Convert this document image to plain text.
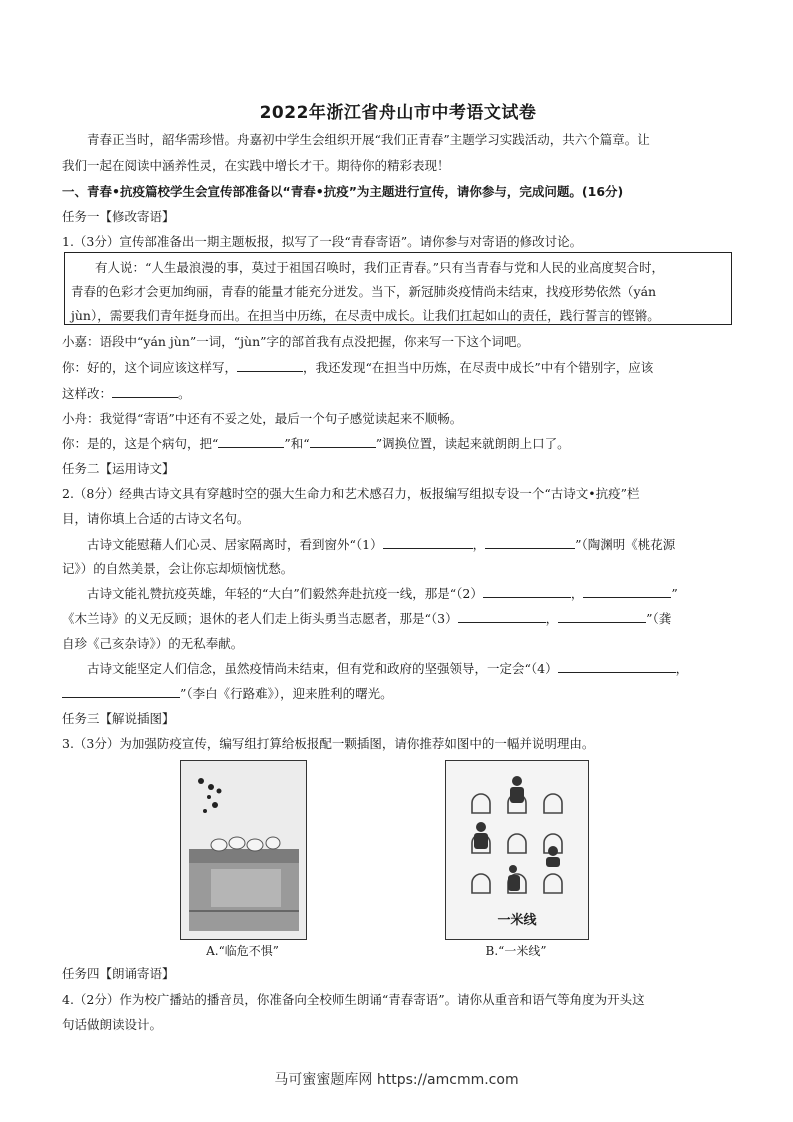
2022年浙江省舟山市中考语文试卷
青春正当时，韶华需珍惜。舟嘉初中学生会组织开展“我们正青春”主题学习实践活动，共六个篇章。让
我们一起在阅读中涵养性灵，在实践中增长才干。期待你的精彩表现！
一、青春•抗疫篇校学生会宣传部准备以“青春•抗疫”为主题进行宣传，请你参与，完成问题。(16分)
任务一【修改寄语】
1.（3分）宣传部准备出一期主题板报，拟写了一段“青春寄语”。请你参与对寄语的修改讨论。
有人说：“人生最浪漫的事，莫过于祖国召唤时，我们正青春。”只有当青春与党和人民的业高度契合时，
青春的色彩才会更加绚丽，青春的能量才能充分迸发。当下，新冠肺炎疫情尚未结束，找疫形势依然（yán
jùn），需要我们青年挺身而出。在担当中历练，在尽责中成长。让我们扛起如山的责任，践行誓言的铿锵。
小嘉：语段中“yán jùn”一词，“jùn”字的部首我有点没把握，你来写一下这个词吧。
你：好的，这个词应该这样写，	，我还发现“在担当中历炼，在尽责中成长”中有个错别字，应该
这样改：	。
小舟：我觉得“寄语”中还有不妥之处，最后一个句子感觉读起来不顺畅。
你：是的，这是个病句，把“	”和“	”调换位置，读起来就朗朗上口了。
任务二【运用诗文】
2.（8分）经典古诗文具有穿越时空的强大生命力和艺术感召力，板报编写组拟专设一个“古诗文•抗疫”栏
目，请你填上合适的古诗文名句。
古诗文能慰藉人们心灵、居家隔离时，看到窗外“（1）	，	”（陶渊明《桃花源
记》）的自然美景，会让你忘却烦恼忧愁。
古诗文能礼赞抗疫英雄，年轻的“大白”们毅然奔赴抗疫一线，那是“（2）	，	”
《木兰诗》的义无反顾；退休的老人们走上街头勇当志愿者，那是“（3）	，	”（龚
自珍《己亥杂诗》）的无私奉献。
古诗文能坚定人们信念，虽然疫情尚未结束，但有党和政府的坚强领导，一定会“（4）	，
”（李白《行路难》），迎来胜利的曙光。
任务三【解说插图】
3.（3分）为加强防疫宣传，编写组打算给板报配一颗插图，请你推荐如图中的一幅并说明理由。
A.“临危不惧”
一米线
B.“一米线”
任务四【朗诵寄语】
4.（2分）作为校广播站的播音员，你准备向全校师生朗诵“青春寄语”。请你从重音和语气等角度为开头这
句话做朗读设计。
马可蜜蜜题库网 https://amcmm.com
